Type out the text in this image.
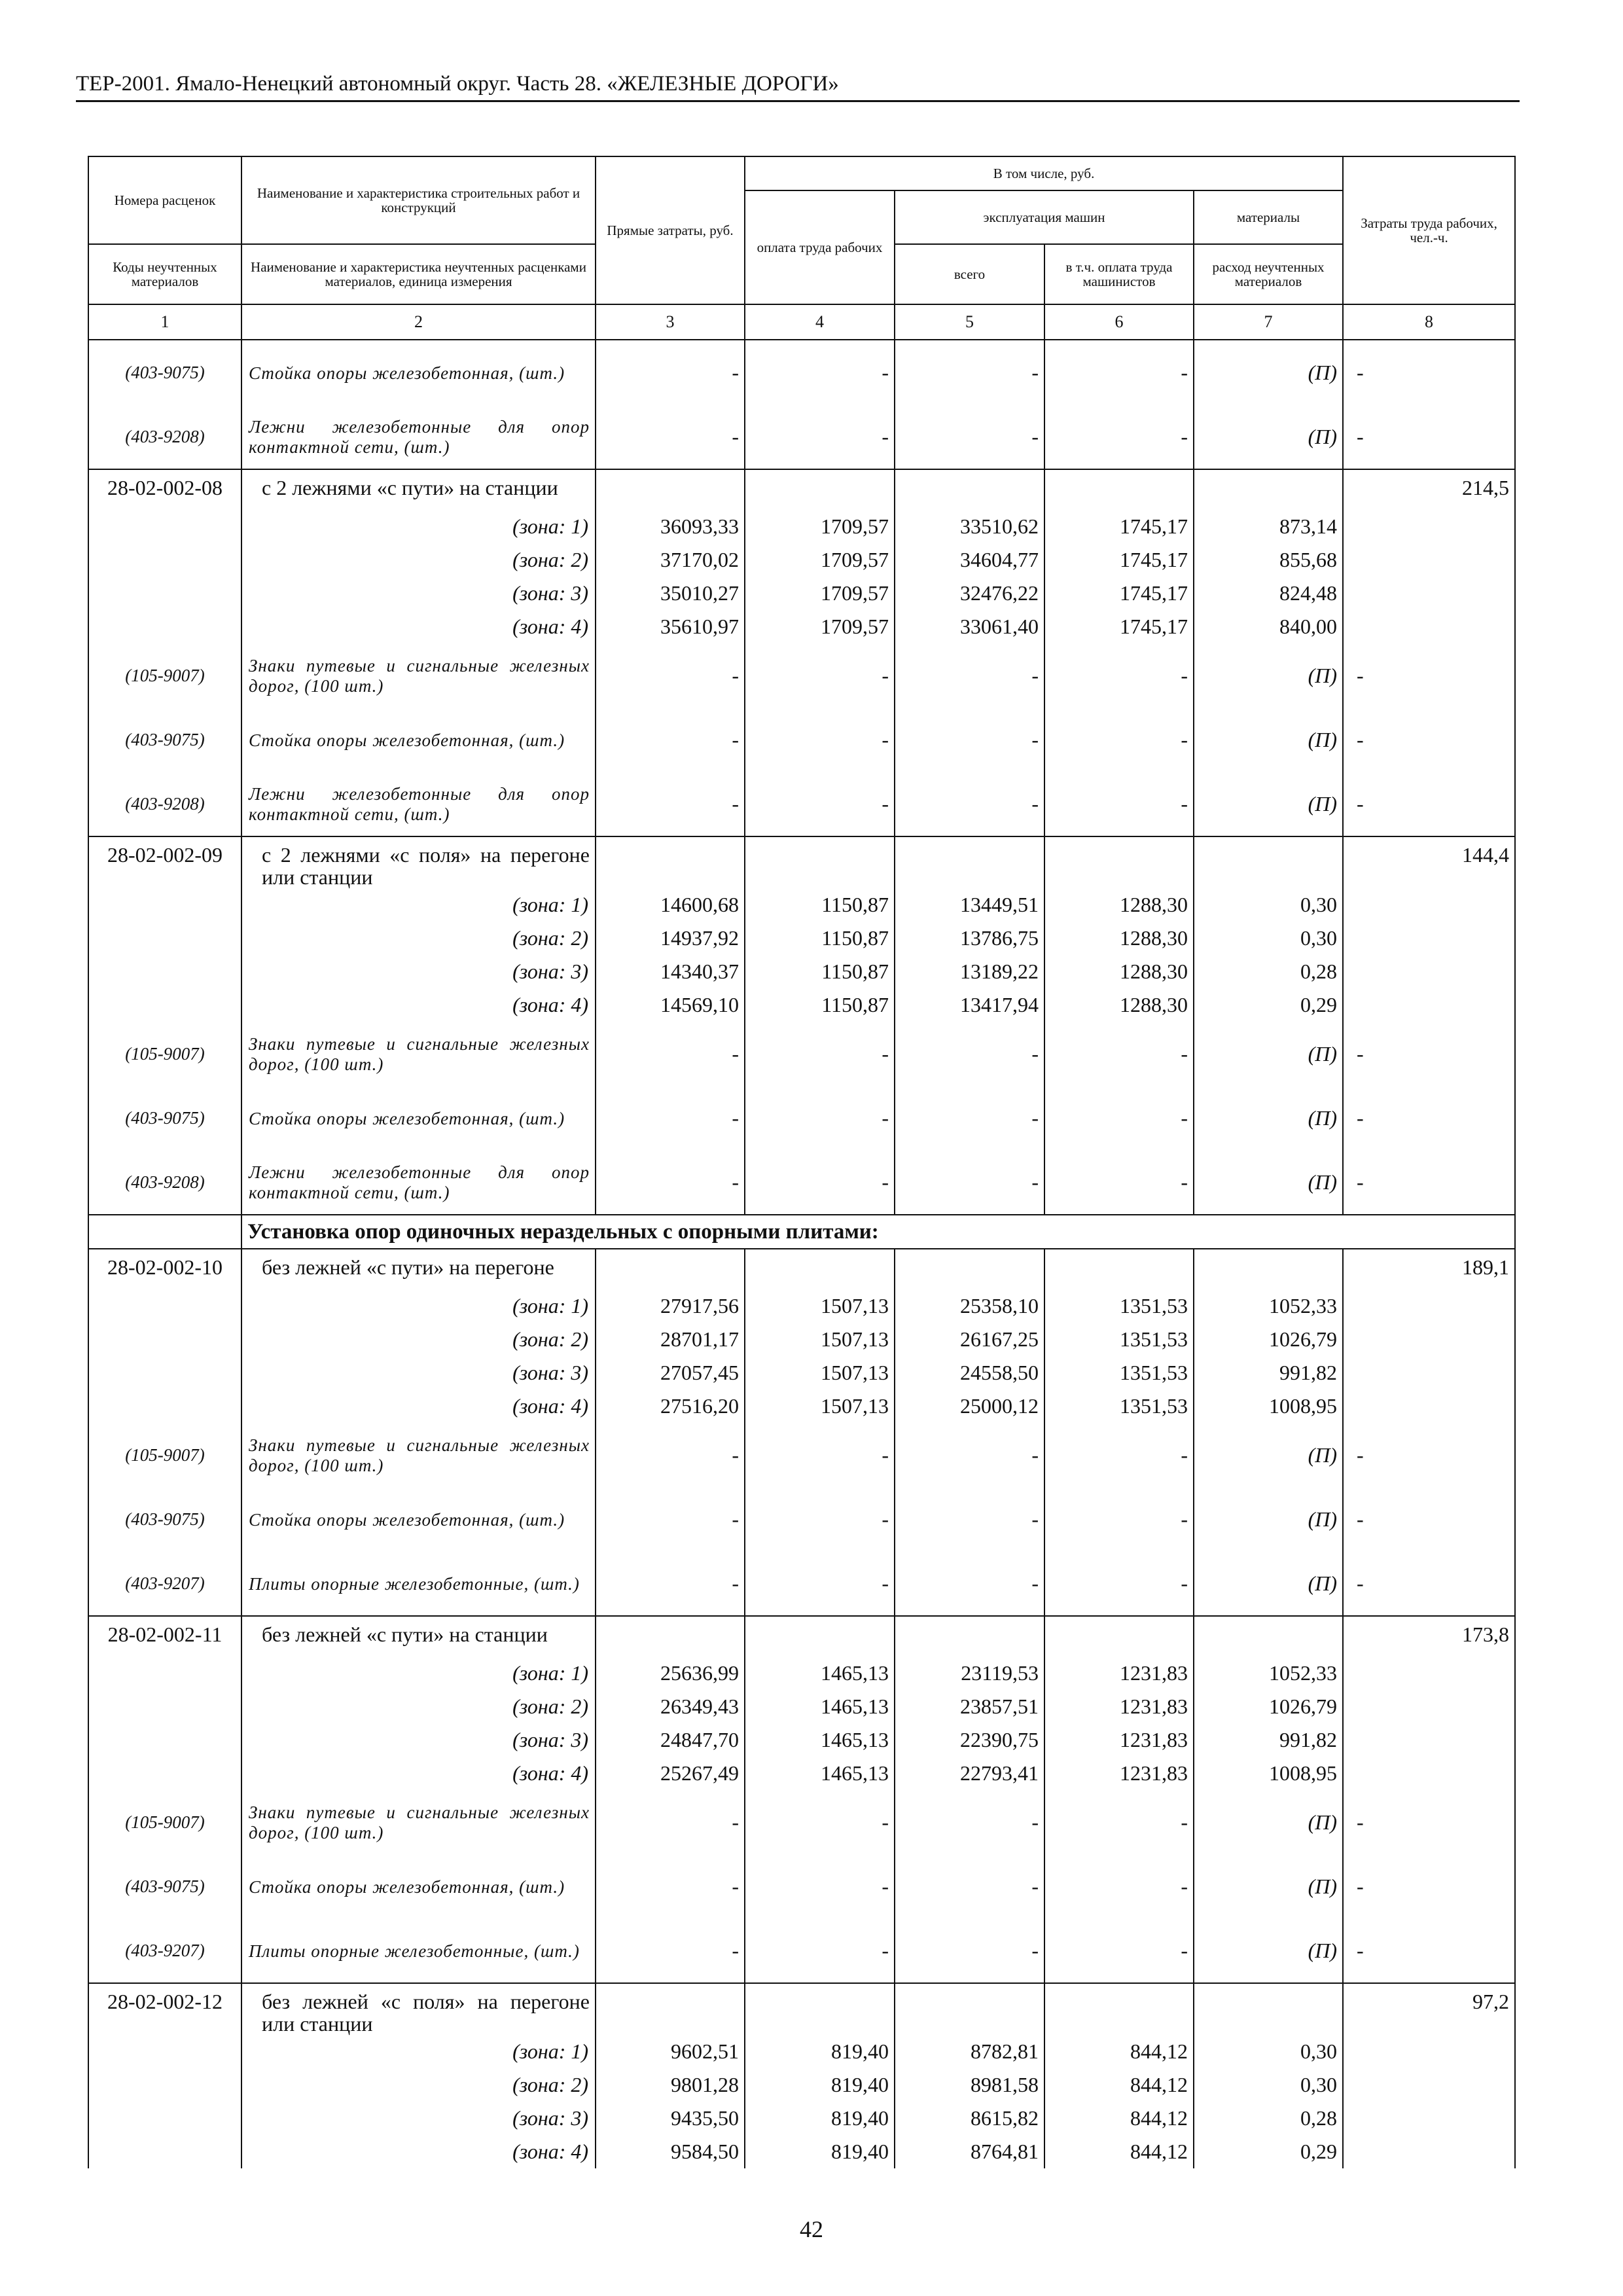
ТЕР-2001. Ямало-Ненецкий автономный округ. Часть 28. «ЖЕЛЕЗНЫЕ ДОРОГИ»
Номера расценок	Наименование и характеристика строительных работ и конструкций	Прямые затраты, руб.	В том числе, руб.				Затраты труда рабочих, чел.-ч.
			оплата труда рабочих	эксплуатация машин		материалы	
Коды неучтенных материалов	Наименование и характеристика неучтенных расценками материалов, единица измерения			всего	в т.ч. оплата труда машинистов	расход неучтенных материалов	

1	2	3	4	5	6	7	8
(403-9075)	Стойка опоры железобетонная, (шт.)	-	-	-	-	(П)	-
(403-9208)	Лежни железобетонные для опор контактной сети, (шт.)	-	-	-	-	(П)	-
28-02-002-08	с 2 лежнями «с пути» на станции						214,5
	(зона: 1)	36093,33	1709,57	33510,62	1745,17	873,14	
	(зона: 2)	37170,02	1709,57	34604,77	1745,17	855,68	
	(зона: 3)	35010,27	1709,57	32476,22	1745,17	824,48	
	(зона: 4)	35610,97	1709,57	33061,40	1745,17	840,00	
(105-9007)	Знаки путевые и сигнальные железных дорог, (100 шт.)	-	-	-	-	(П)	-
(403-9075)	Стойка опоры железобетонная, (шт.)	-	-	-	-	(П)	-
(403-9208)	Лежни железобетонные для опор контактной сети, (шт.)	-	-	-	-	(П)	-
28-02-002-09	с 2 лежнями «с поля» на перегоне или станции						144,4
	(зона: 1)	14600,68	1150,87	13449,51	1288,30	0,30	
	(зона: 2)	14937,92	1150,87	13786,75	1288,30	0,30	
	(зона: 3)	14340,37	1150,87	13189,22	1288,30	0,28	
	(зона: 4)	14569,10	1150,87	13417,94	1288,30	0,29	
(105-9007)	Знаки путевые и сигнальные железных дорог, (100 шт.)	-	-	-	-	(П)	-
(403-9075)	Стойка опоры железобетонная, (шт.)	-	-	-	-	(П)	-
(403-9208)	Лежни железобетонные для опор контактной сети, (шт.)	-	-	-	-	(П)	-
	Установка опор одиночных нераздельных с опорными плитами:						
28-02-002-10	без лежней «с пути» на перегоне						189,1
	(зона: 1)	27917,56	1507,13	25358,10	1351,53	1052,33	
	(зона: 2)	28701,17	1507,13	26167,25	1351,53	1026,79	
	(зона: 3)	27057,45	1507,13	24558,50	1351,53	991,82	
	(зона: 4)	27516,20	1507,13	25000,12	1351,53	1008,95	
(105-9007)	Знаки путевые и сигнальные железных дорог, (100 шт.)	-	-	-	-	(П)	-
(403-9075)	Стойка опоры железобетонная, (шт.)	-	-	-	-	(П)	-
(403-9207)	Плиты опорные железобетонные, (шт.)	-	-	-	-	(П)	-
28-02-002-11	без лежней «с пути» на станции						173,8
	(зона: 1)	25636,99	1465,13	23119,53	1231,83	1052,33	
	(зона: 2)	26349,43	1465,13	23857,51	1231,83	1026,79	
	(зона: 3)	24847,70	1465,13	22390,75	1231,83	991,82	
	(зона: 4)	25267,49	1465,13	22793,41	1231,83	1008,95	
(105-9007)	Знаки путевые и сигнальные железных дорог, (100 шт.)	-	-	-	-	(П)	-
(403-9075)	Стойка опоры железобетонная, (шт.)	-	-	-	-	(П)	-
(403-9207)	Плиты опорные железобетонные, (шт.)	-	-	-	-	(П)	-
28-02-002-12	без лежней «с поля» на перегоне или станции						97,2
	(зона: 1)	9602,51	819,40	8782,81	844,12	0,30	
	(зона: 2)	9801,28	819,40	8981,58	844,12	0,30	
	(зона: 3)	9435,50	819,40	8615,82	844,12	0,28	
	(зона: 4)	9584,50	819,40	8764,81	844,12	0,29	
42
